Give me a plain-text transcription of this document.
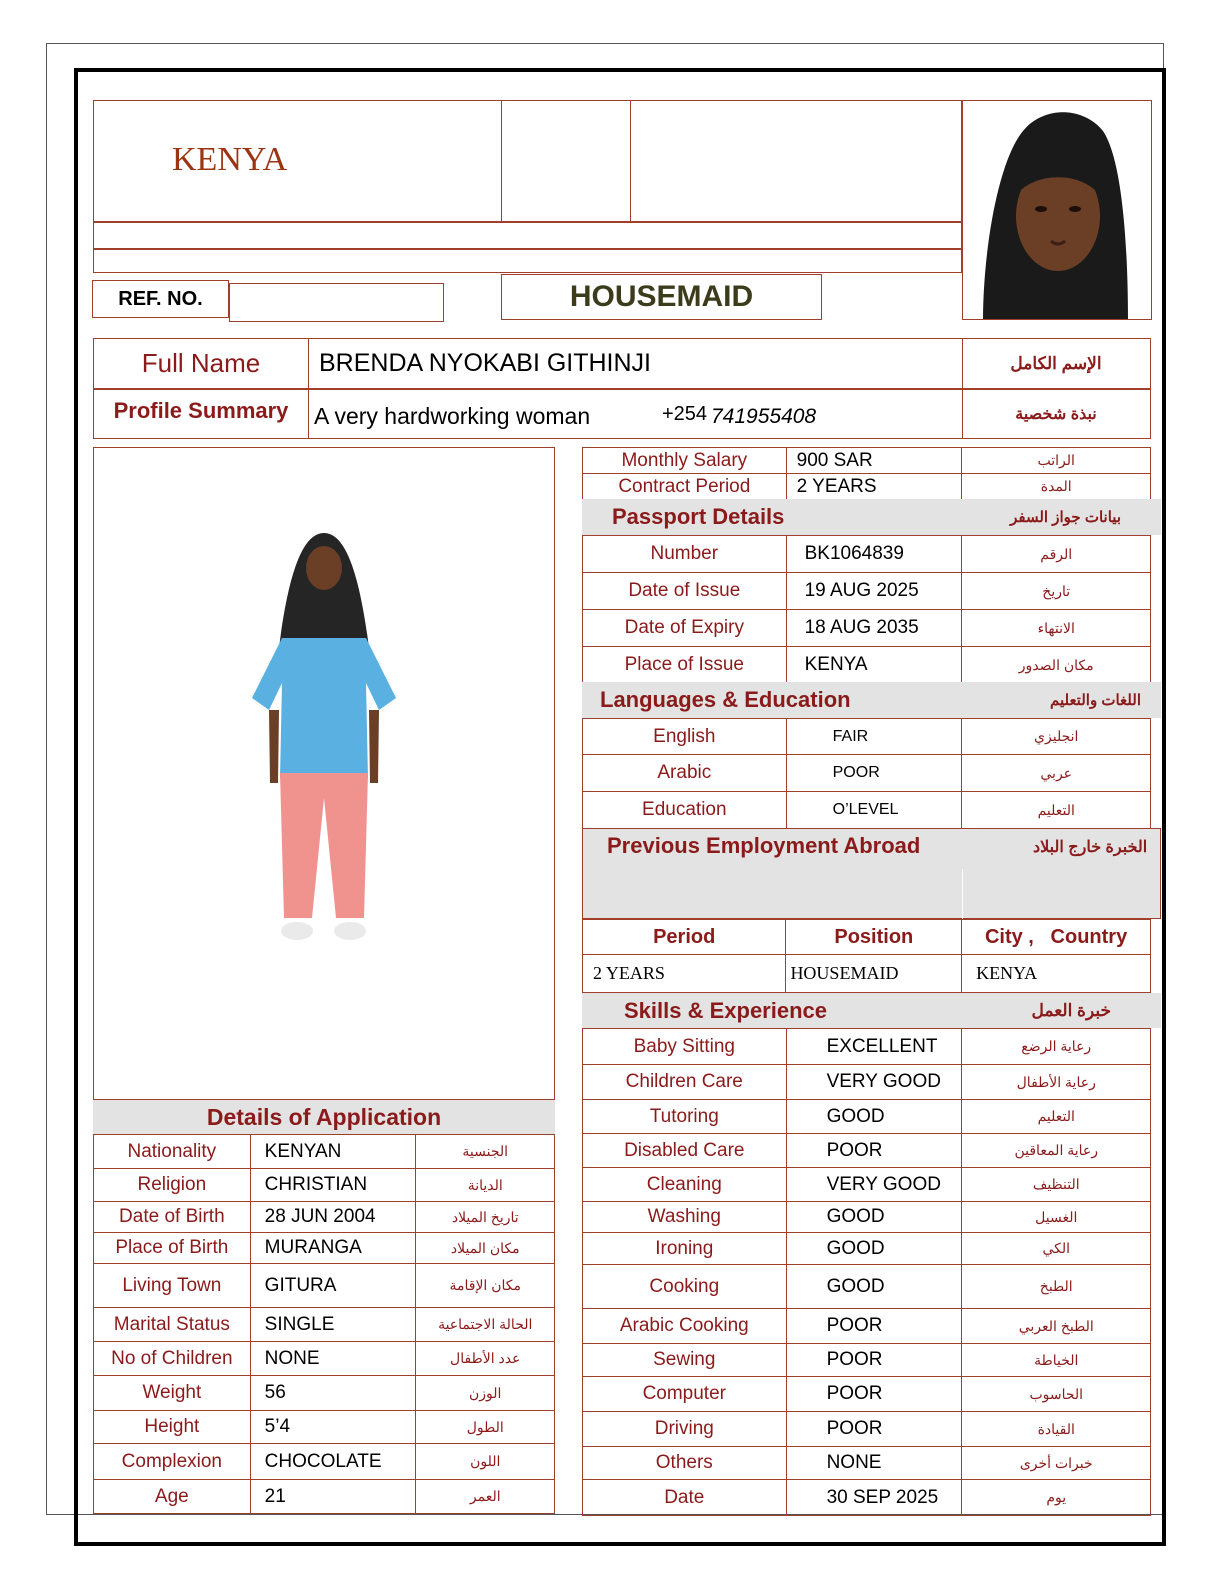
KENYA
REF. NO.	HOUSEMAID
Full Name	BRENDA NYOKABI GITHINJI	الإسم الكامل
Profile Summary	A very hardworking woman	+254 741955408	نبذة شخصية
Details of Application
Nationality	KENYAN	الجنسية

Religion	CHRISTIAN	الديانة

Date of Birth	28 JUN 2004	تاريخ الميلاد

Place of Birth	MURANGA	مكان الميلاد

Living Town	GITURA	مكان الإقامة

Marital Status	SINGLE	الحالة الاجتماعية

No of Children	NONE	عدد الأطفال

Weight	56	الوزن

Height	5’4	الطول

Complexion	CHOCOLATE	اللون

Age	21	العمر
Monthly Salary	900 SAR	الراتب

Contract Period	2 YEARS	المدة
Passport Details	بيانات جواز السفر
Number	BK1064839	الرقم

Date of Issue	19 AUG 2025	تاريخ

Date of Expiry	18 AUG 2035	الانتهاء

Place of Issue	KENYA	مكان الصدور
Languages & Education	اللغات والتعليم
English	FAIR	انجليزي

Arabic	POOR	عربي

Education	O’LEVEL	التعليم
Previous Employment Abroad	الخبرة خارج البلاد
Period	Position	City ,   Country

2 YEARS	HOUSEMAID	KENYA
Skills & Experience	خبرة العمل
Baby Sitting	EXCELLENT	رعاية الرضع

Children Care	VERY GOOD	رعاية الأطفال

Tutoring	GOOD	التعليم

Disabled Care	POOR	رعاية المعاقين

Cleaning	VERY GOOD	التنظيف

Washing	GOOD	الغسيل

Ironing	GOOD	الكي

Cooking	GOOD	الطبخ

Arabic Cooking	POOR	الطبخ العربي

Sewing	POOR	الخياطة

Computer	POOR	الحاسوب

Driving	POOR	القيادة

Others	NONE	خبرات أخرى

Date	30 SEP 2025	يوم
